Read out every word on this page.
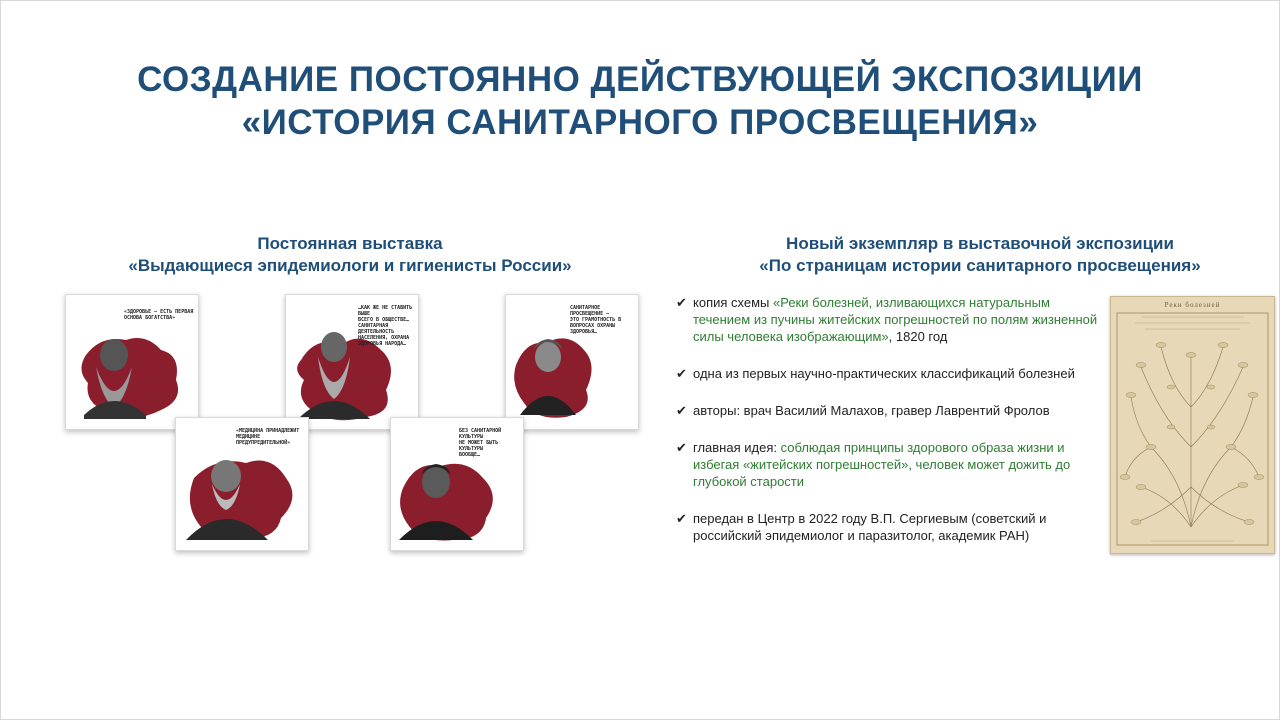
СОЗДАНИЕ ПОСТОЯННО ДЕЙСТВУЮЩЕЙ ЭКСПОЗИЦИИ
«ИСТОРИЯ САНИТАРНОГО ПРОСВЕЩЕНИЯ»
Постоянная выставка
«Выдающиеся эпидемиологи и гигиенисты России»
Новый экземпляр в выставочной экспозиции
«По страницам истории санитарного просвещения»
«ЗДОРОВЬЕ — ЕСТЬ ПЕРВАЯ
ОСНОВА БОГАТСТВА»
…КАК ЖЕ НЕ СТАВИТЬ ВЫШЕ
ВСЕГО В ОБЩЕСТВЕ…
САНИТАРНАЯ ДЕЯТЕЛЬНОСТЬ
НАСЕЛЕНИЯ, ОХРАНА
ЗДОРОВЬЯ НАРОДА…
САНИТАРНОЕ ПРОСВЕЩЕНИЕ —
ЭТО ГРАМОТНОСТЬ В
ВОПРОСАХ ОХРАНЫ
ЗДОРОВЬЯ…
«МЕДИЦИНА ПРИНАДЛЕЖИТ
МЕДИЦИНЕ ПРЕДУПРЕДИТЕЛЬНОЙ»
БЕЗ САНИТАРНОЙ КУЛЬТУРЫ
НЕ МОЖЕТ БЫТЬ КУЛЬТУРЫ
ВООБЩЕ…
✔ копия схемы «Реки болезней, изливающихся натуральным течением из пучины житейских погрешностей по полям жизненной силы человека изображающим», 1820 год
✔ одна из первых научно-практических классификаций болезней
✔ авторы: врач Василий Малахов, гравер Лаврентий Фролов
✔ главная идея: соблюдая принципы здорового образа жизни и избегая «житейских погрешностей», человек может дожить до глубокой старости
✔ передан в Центр в 2022 году В.П. Сергиевым (советский и российский эпидемиолог и паразитолог, академик РАН)
Реки болезней
